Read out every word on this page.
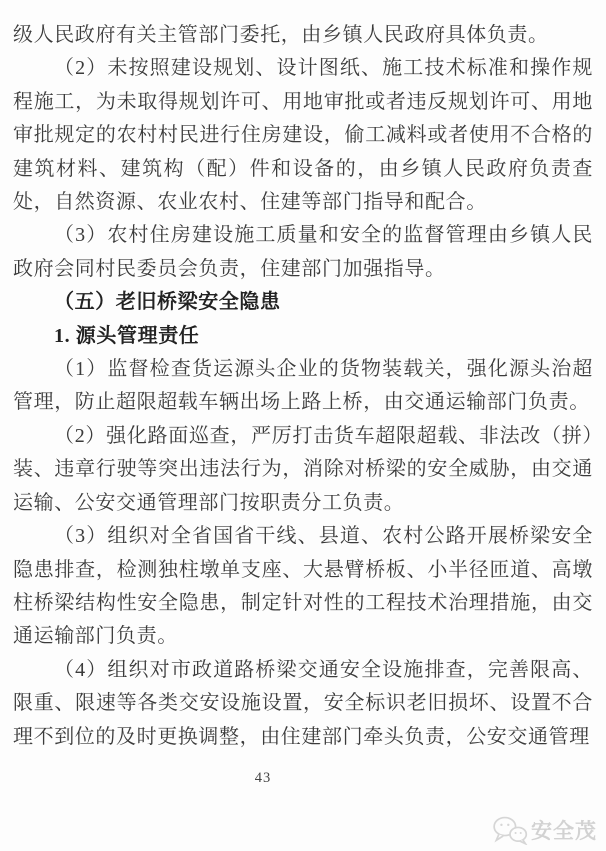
级人民政府有关主管部门委托，由乡镇人民政府具体负责。

（2）未按照建设规划、设计图纸、施工技术标准和操作规程施工，为未取得规划许可、用地审批或者违反规划许可、用地审批规定的农村村民进行住房建设，偷工减料或者使用不合格的建筑材料、建筑构（配）件和设备的，由乡镇人民政府负责查处，自然资源、农业农村、住建等部门指导和配合。

（3）农村住房建设施工质量和安全的监督管理由乡镇人民政府会同村民委员会负责，住建部门加强指导。

（五）老旧桥梁安全隐患

1. 源头管理责任

（1）监督检查货运源头企业的货物装载关，强化源头治超管理，防止超限超载车辆出场上路上桥，由交通运输部门负责。

（2）强化路面巡查，严厉打击货车超限超载、非法改（拼）装、违章行驶等突出违法行为，消除对桥梁的安全威胁，由交通运输、公安交通管理部门按职责分工负责。

（3）组织对全省国省干线、县道、农村公路开展桥梁安全隐患排查，检测独柱墩单支座、大悬臂桥板、小半径匝道、高墩柱桥梁结构性安全隐患，制定针对性的工程技术治理措施，由交通运输部门负责。

（4）组织对市政道路桥梁交通安全设施排查，完善限高、限重、限速等各类交安设施设置，安全标识老旧损坏、设置不合理不到位的及时更换调整，由住建部门牵头负责，公安交通管理

43
安全茂
